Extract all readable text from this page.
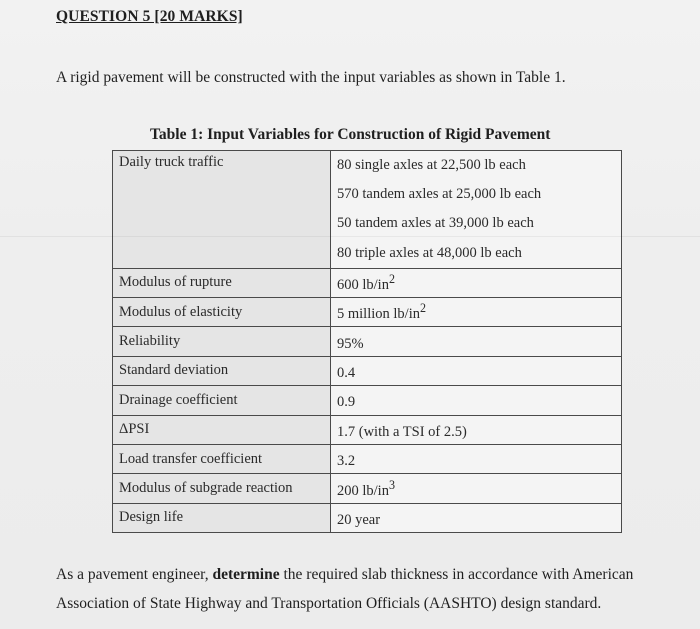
QUESTION 5 [20 MARKS]
A rigid pavement will be constructed with the input variables as shown in Table 1.
Table 1: Input Variables for Construction of Rigid Pavement
Daily truck traffic	80 single axles at 22,500 lb each
	570 tandem axles at 25,000 lb each
	50 tandem axles at 39,000 lb each
	80 triple axles at 48,000 lb each
Modulus of rupture	600 $lb/in^2$
Modulus of elasticity	5 million $lb/in^2$
Reliability	95%
Standard deviation	0.4
Drainage coefficient	0.9
ΔPSI	1.7 (with a TSI of 2.5)
Load transfer coefficient	3.2
Modulus of subgrade reaction	200 $lb/in^3$
Design life	20 year

As a pavement engineer, determine the required slab thickness in accordance with American Association of State Highway and Transportation Officials (AASHTO) design standard.
